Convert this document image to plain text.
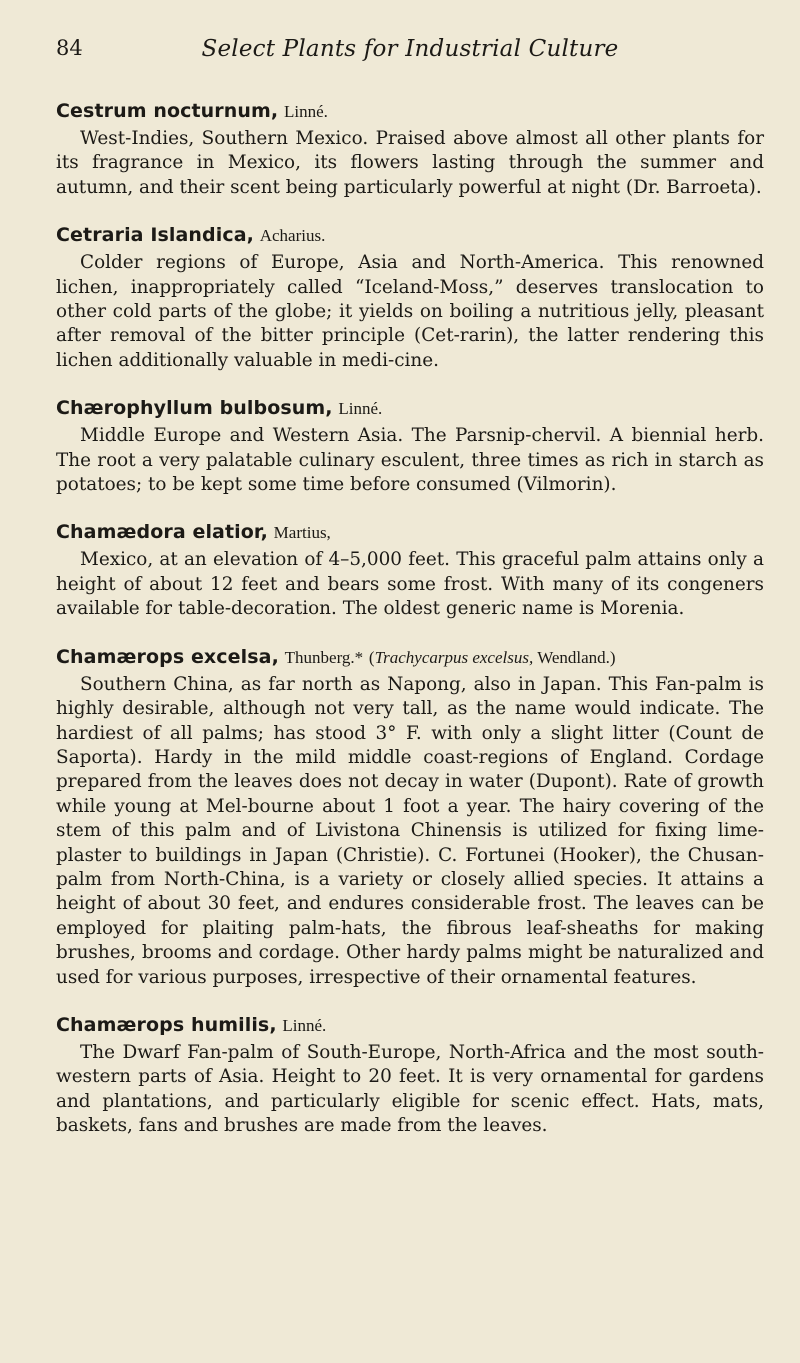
84	Select Plants for Industrial Culture

Cestrum nocturnum, Linné.

West-Indies, Southern Mexico. Praised above almost all other plants for its fragrance in Mexico, its flowers lasting through the summer and autumn, and their scent being particularly powerful at night (Dr. Barroeta).

Cetraria Islandica, Acharius.

Colder regions of Europe, Asia and North-America. This renowned lichen, inappropriately called “Iceland-Moss,” deserves translocation to other cold parts of the globe; it yields on boiling a nutritious jelly, pleasant after removal of the bitter principle (Cet-rarin), the latter rendering this lichen additionally valuable in medi-cine.

Chærophyllum bulbosum, Linné.

Middle Europe and Western Asia. The Parsnip-chervil. A biennial herb. The root a very palatable culinary esculent, three times as rich in starch as potatoes; to be kept some time before consumed (Vilmorin).

Chamædora elatior, Martius,

Mexico, at an elevation of 4–5,000 feet. This graceful palm attains only a height of about 12 feet and bears some frost. With many of its congeners available for table-decoration. The oldest generic name is Morenia.

Chamærops excelsa, Thunberg.* (Trachycarpus excelsus, Wendland.)

Southern China, as far north as Napong, also in Japan. This Fan-palm is highly desirable, although not very tall, as the name would indicate. The hardiest of all palms; has stood 3° F. with only a slight litter (Count de Saporta). Hardy in the mild middle coast-regions of England. Cordage prepared from the leaves does not decay in water (Dupont). Rate of growth while young at Mel-bourne about 1 foot a year. The hairy covering of the stem of this palm and of Livistona Chinensis is utilized for fixing lime-plaster to buildings in Japan (Christie). C. Fortunei (Hooker), the Chusan-palm from North-China, is a variety or closely allied species. It attains a height of about 30 feet, and endures considerable frost. The leaves can be employed for plaiting palm-hats, the fibrous leaf-sheaths for making brushes, brooms and cordage. Other hardy palms might be naturalized and used for various purposes, irrespective of their ornamental features.

Chamærops humilis, Linné.

The Dwarf Fan-palm of South-Europe, North-Africa and the most south-western parts of Asia. Height to 20 feet. It is very ornamental for gardens and plantations, and particularly eligible for scenic effect. Hats, mats, baskets, fans and brushes are made from the leaves.
